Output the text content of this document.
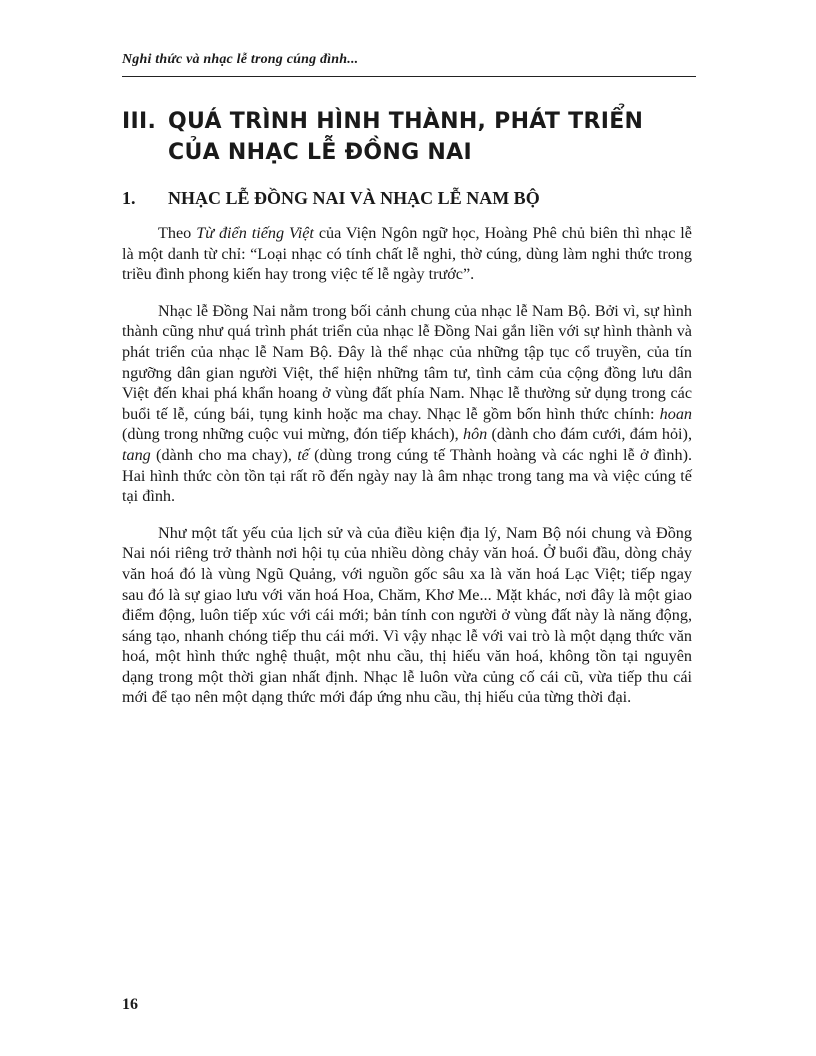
Nghi thức và nhạc lễ trong cúng đình...
III. QUÁ TRÌNH HÌNH THÀNH, PHÁT TRIỂN CỦA NHẠC LỄ ĐỒNG NAI
1. NHẠC LỄ ĐỒNG NAI VÀ NHẠC LỄ NAM BỘ

Theo Từ điển tiếng Việt của Viện Ngôn ngữ học, Hoàng Phê chủ biên thì nhạc lễ là một danh từ chỉ: “Loại nhạc có tính chất lễ nghi, thờ cúng, dùng làm nghi thức trong triều đình phong kiến hay trong việc tế lễ ngày trước”.

Nhạc lễ Đồng Nai nằm trong bối cảnh chung của nhạc lễ Nam Bộ. Bởi vì, sự hình thành cũng như quá trình phát triển của nhạc lễ Đồng Nai gắn liền với sự hình thành và phát triển của nhạc lễ Nam Bộ. Đây là thể nhạc của những tập tục cổ truyền, của tín ngưỡng dân gian người Việt, thể hiện những tâm tư, tình cảm của cộng đồng lưu dân Việt đến khai phá khẩn hoang ở vùng đất phía Nam. Nhạc lễ thường sử dụng trong các buổi tế lễ, cúng bái, tụng kinh hoặc ma chay. Nhạc lễ gồm bốn hình thức chính: hoan (dùng trong những cuộc vui mừng, đón tiếp khách), hôn (dành cho đám cưới, đám hỏi), tang (dành cho ma chay), tế (dùng trong cúng tế Thành hoàng và các nghi lễ ở đình). Hai hình thức còn tồn tại rất rõ đến ngày nay là âm nhạc trong tang ma và việc cúng tế tại đình.

Như một tất yếu của lịch sử và của điều kiện địa lý, Nam Bộ nói chung và Đồng Nai nói riêng trở thành nơi hội tụ của nhiều dòng chảy văn hoá. Ở buổi đầu, dòng chảy văn hoá đó là vùng Ngũ Quảng, với nguồn gốc sâu xa là văn hoá Lạc Việt; tiếp ngay sau đó là sự giao lưu với văn hoá Hoa, Chăm, Khơ Me... Mặt khác, nơi đây là một giao điểm động, luôn tiếp xúc với cái mới; bản tính con người ở vùng đất này là năng động, sáng tạo, nhanh chóng tiếp thu cái mới. Vì vậy nhạc lễ với vai trò là một dạng thức văn hoá, một hình thức nghệ thuật, một nhu cầu, thị hiếu văn hoá, không tồn tại nguyên dạng trong một thời gian nhất định. Nhạc lễ luôn vừa củng cố cái cũ, vừa tiếp thu cái mới để tạo nên một dạng thức mới đáp ứng nhu cầu, thị hiếu của từng thời đại.

16
